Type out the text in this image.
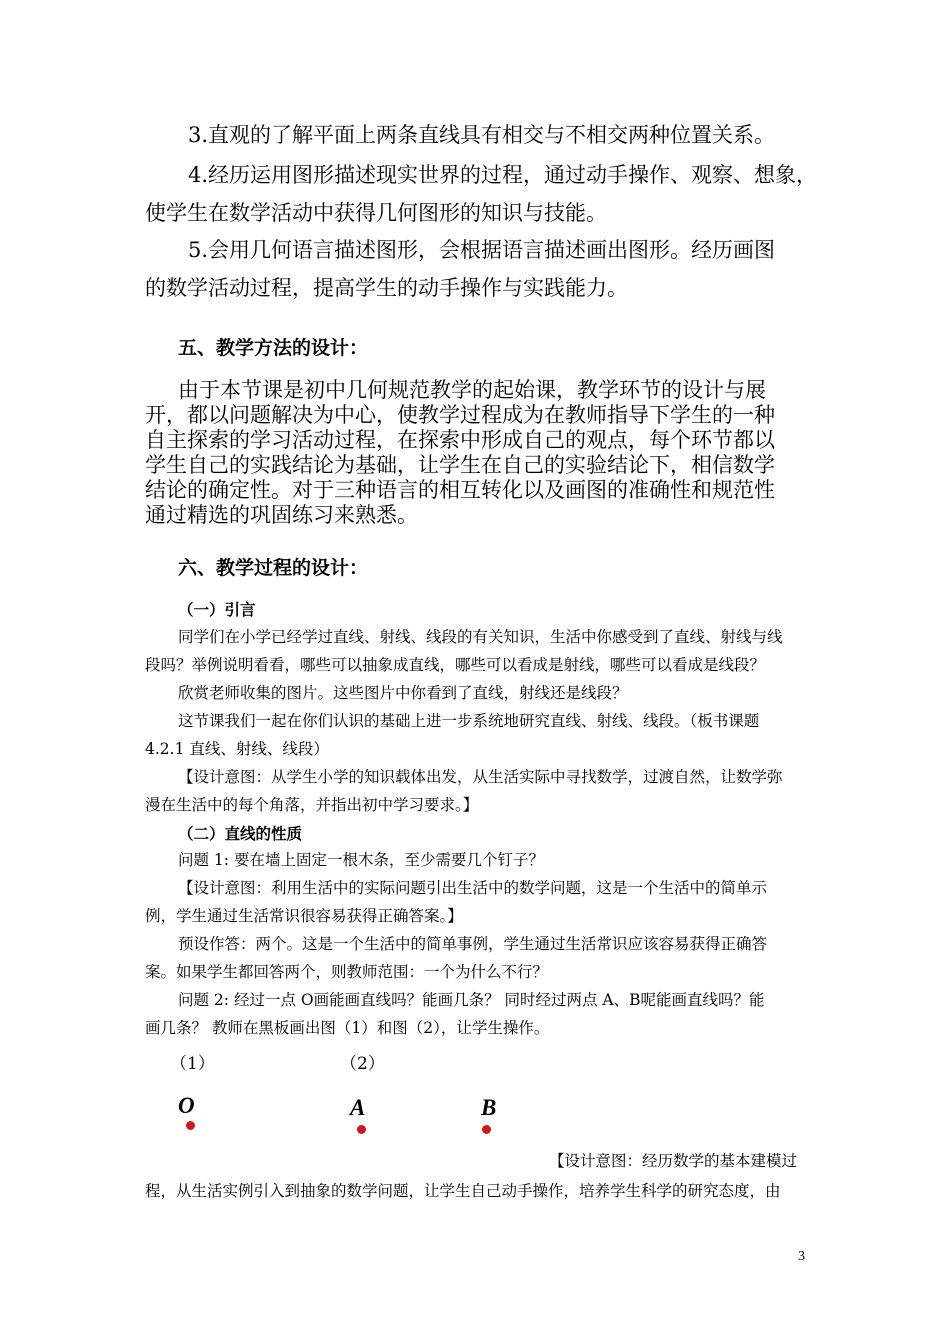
3.直观的了解平面上两条直线具有相交与不相交两种位置关系。
4.经历运用图形描述现实世界的过程，通过动手操作、观察、想象，
使学生在数学活动中获得几何图形的知识与技能。
5.会用几何语言描述图形，会根据语言描述画出图形。经历画图
的数学活动过程，提高学生的动手操作与实践能力。
五、教学方法的设计：
由于本节课是初中几何规范教学的起始课，教学环节的设计与展
开，都以问题解决为中心，使教学过程成为在教师指导下学生的一种
自主探索的学习活动过程，在探索中形成自己的观点，每个环节都以
学生自己的实践结论为基础，让学生在自己的实验结论下，相信数学
结论的确定性。对于三种语言的相互转化以及画图的准确性和规范性
通过精选的巩固练习来熟悉。
六、教学过程的设计：
（一）引言
同学们在小学已经学过直线、射线、线段的有关知识，生活中你感受到了直线、射线与线
段吗？举例说明看看，哪些可以抽象成直线，哪些可以看成是射线，哪些可以看成是线段？
欣赏老师收集的图片。这些图片中你看到了直线，射线还是线段？
这节课我们一起在你们认识的基础上进一步系统地研究直线、射线、线段。（板书课题
4.2.1 直线、射线、线段）
【设计意图：从学生小学的知识载体出发，从生活实际中寻找数学，过渡自然，让数学弥
漫在生活中的每个角落，并指出初中学习要求。】
（二）直线的性质
问题 1: 要在墙上固定一根木条，至少需要几个钉子？
【设计意图：利用生活中的实际问题引出生活中的数学问题，这是一个生活中的简单示
例，学生通过生活常识很容易获得正确答案。】
预设作答：两个。这是一个生活中的简单事例，学生通过生活常识应该容易获得正确答
案。如果学生都回答两个，则教师范围：一个为什么不行？
问题 2: 经过一点 O画能画直线吗？能画几条？ 同时经过两点 A、B呢能画直线吗？能
画几条？ 教师在黑板画出图（1）和图（2），让学生操作。
（1）	（2）
O	A	B
【设计意图：经历数学的基本建模过
程，从生活实例引入到抽象的数学问题，让学生自己动手操作，培养学生科学的研究态度，由
3
